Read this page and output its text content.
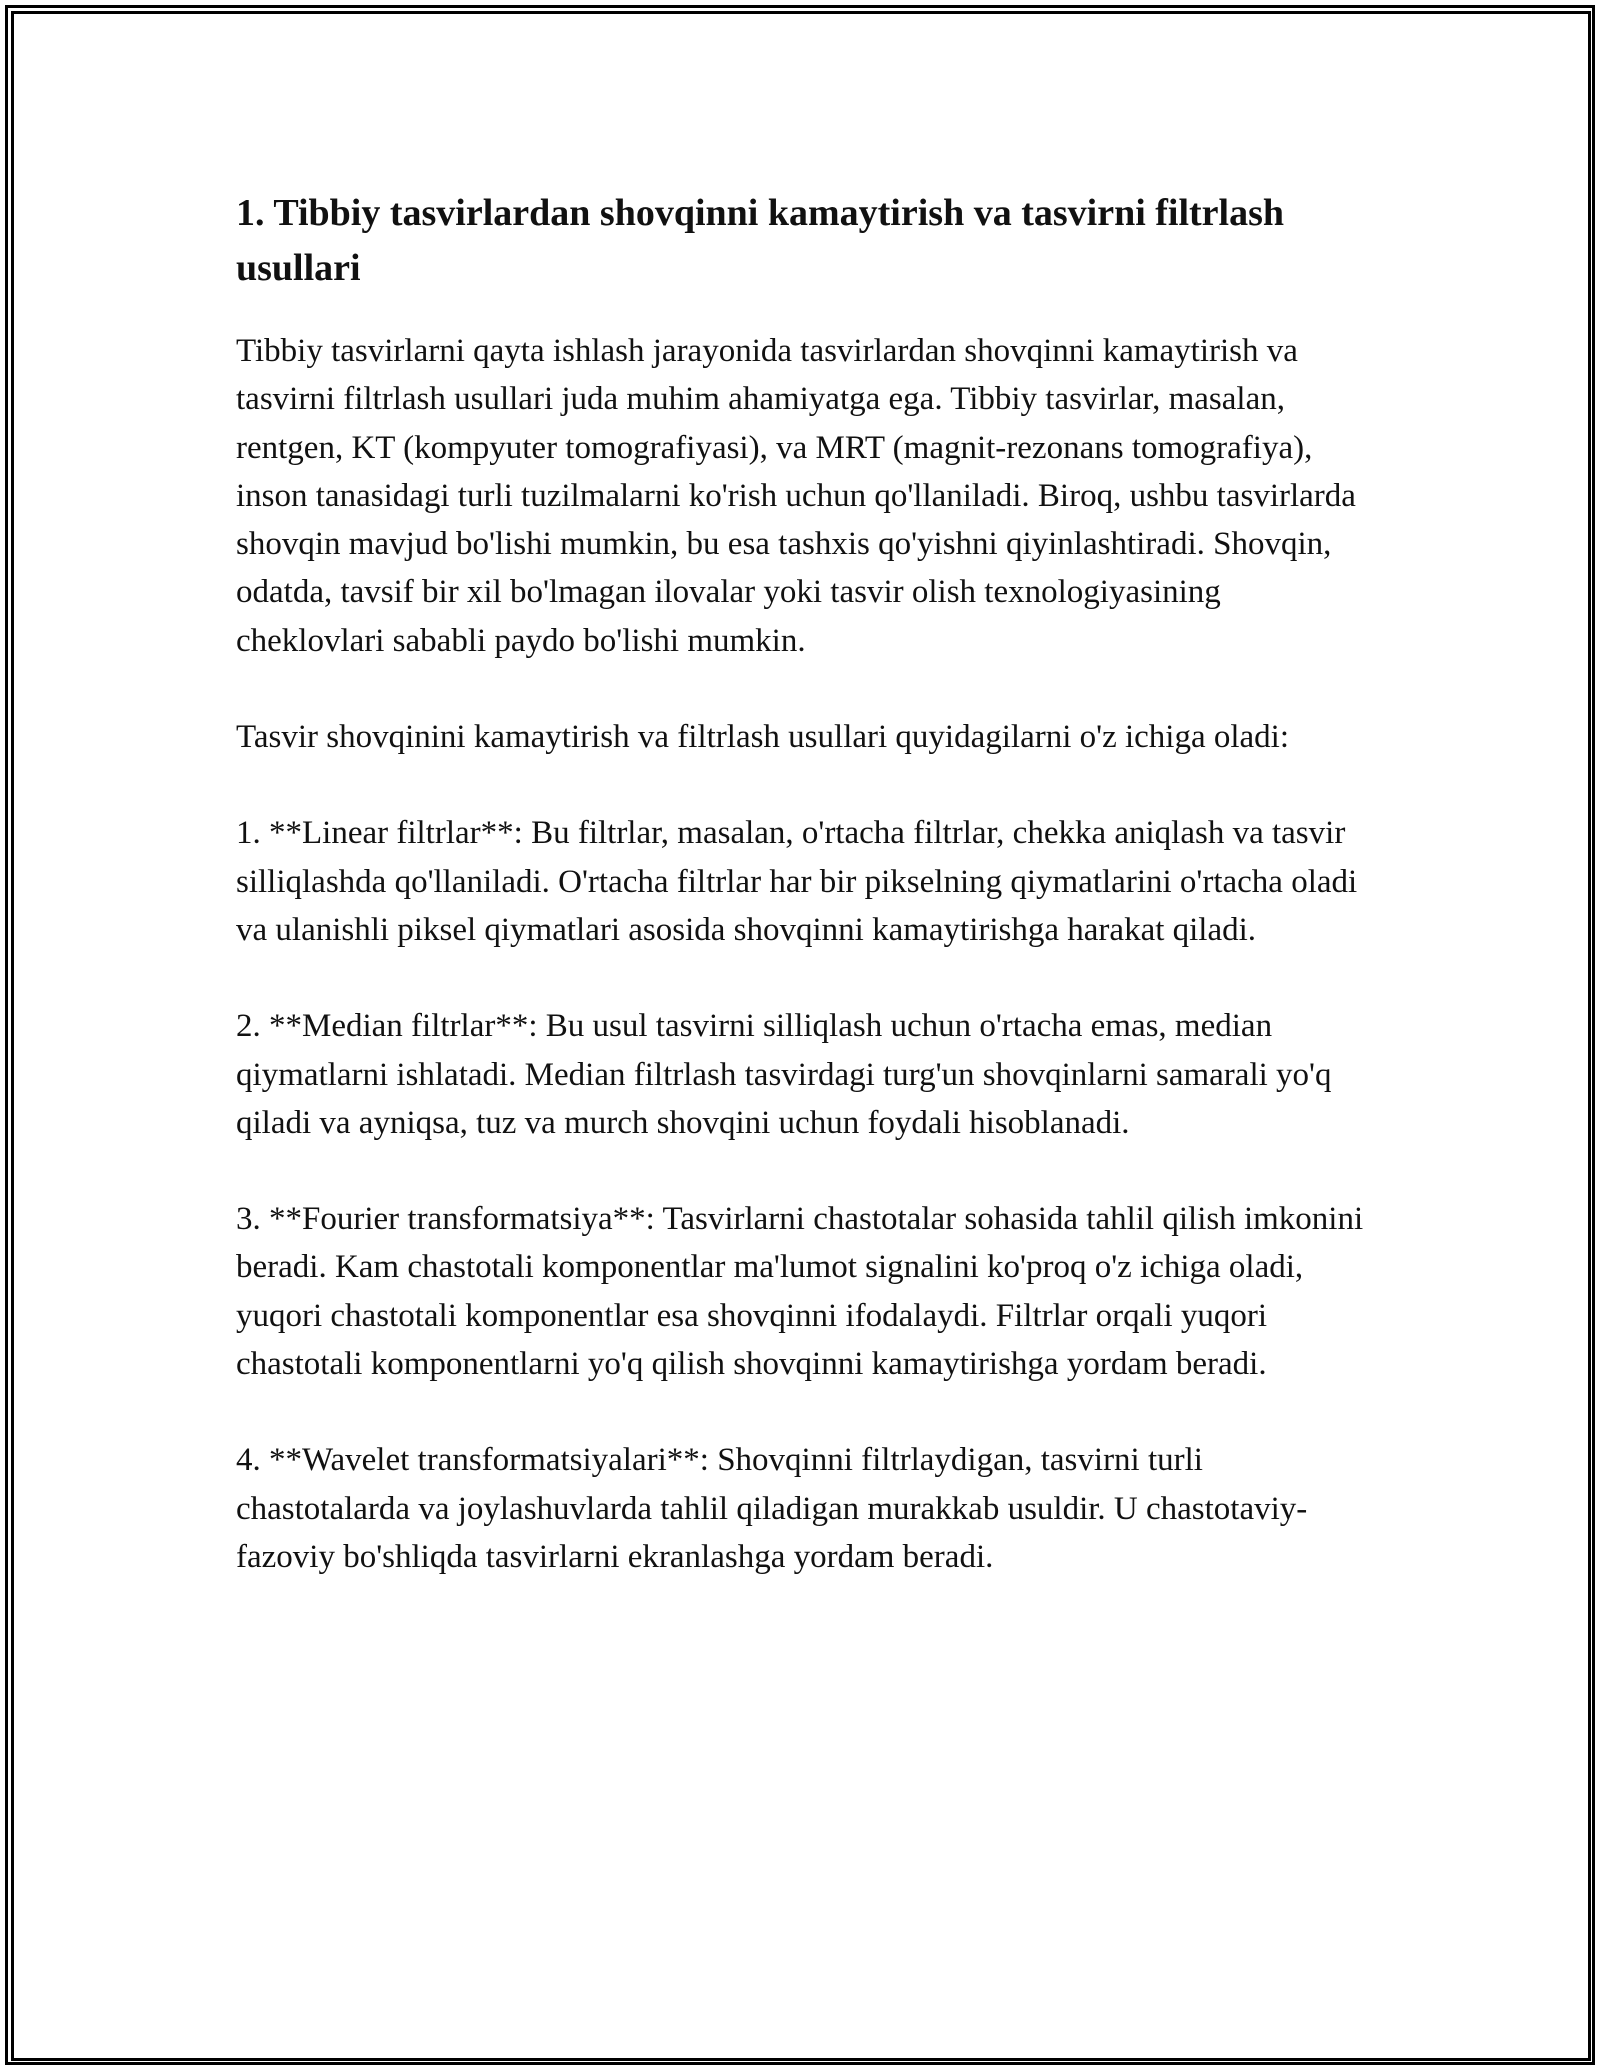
1. Tibbiy tasvirlardan shovqinni kamaytirish va tasvirni filtrlash usullari

Tibbiy tasvirlarni qayta ishlash jarayonida tasvirlardan shovqinni kamaytirish va tasvirni filtrlash usullari juda muhim ahamiyatga ega. Tibbiy tasvirlar, masalan, rentgen, KT (kompyuter tomografiyasi), va MRT (magnit-rezonans tomografiya), inson tanasidagi turli tuzilmalarni ko'rish uchun qo'llaniladi. Biroq, ushbu tasvirlarda shovqin mavjud bo'lishi mumkin, bu esa tashxis qo'yishni qiyinlashtiradi. Shovqin, odatda, tavsif bir xil bo'lmagan ilovalar yoki tasvir olish texnologiyasining cheklovlari sababli paydo bo'lishi mumkin.

Tasvir shovqinini kamaytirish va filtrlash usullari quyidagilarni o'z ichiga oladi:

1. **Linear filtrlar**: Bu filtrlar, masalan, o'rtacha filtrlar, chekka aniqlash va tasvir silliqlashda qo'llaniladi. O'rtacha filtrlar har bir pikselning qiymatlarini o'rtacha oladi va ulanishli piksel qiymatlari asosida shovqinni kamaytirishga harakat qiladi.

2. **Median filtrlar**: Bu usul tasvirni silliqlash uchun o'rtacha emas, median qiymatlarni ishlatadi. Median filtrlash tasvirdagi turg'un shovqinlarni samarali yo'q qiladi va ayniqsa, tuz va murch shovqini uchun foydali hisoblanadi.

3. **Fourier transformatsiya**: Tasvirlarni chastotalar sohasida tahlil qilish imkonini beradi. Kam chastotali komponentlar ma'lumot signalini ko'proq o'z ichiga oladi, yuqori chastotali komponentlar esa shovqinni ifodalaydi. Filtrlar orqali yuqori chastotali komponentlarni yo'q qilish shovqinni kamaytirishga yordam beradi.

4. **Wavelet transformatsiyalari**: Shovqinni filtrlaydigan, tasvirni turli chastotalarda va joylashuvlarda tahlil qiladigan murakkab usuldir. U chastotaviy-fazoviy bo'shliqda tasvirlarni ekranlashga yordam beradi.
